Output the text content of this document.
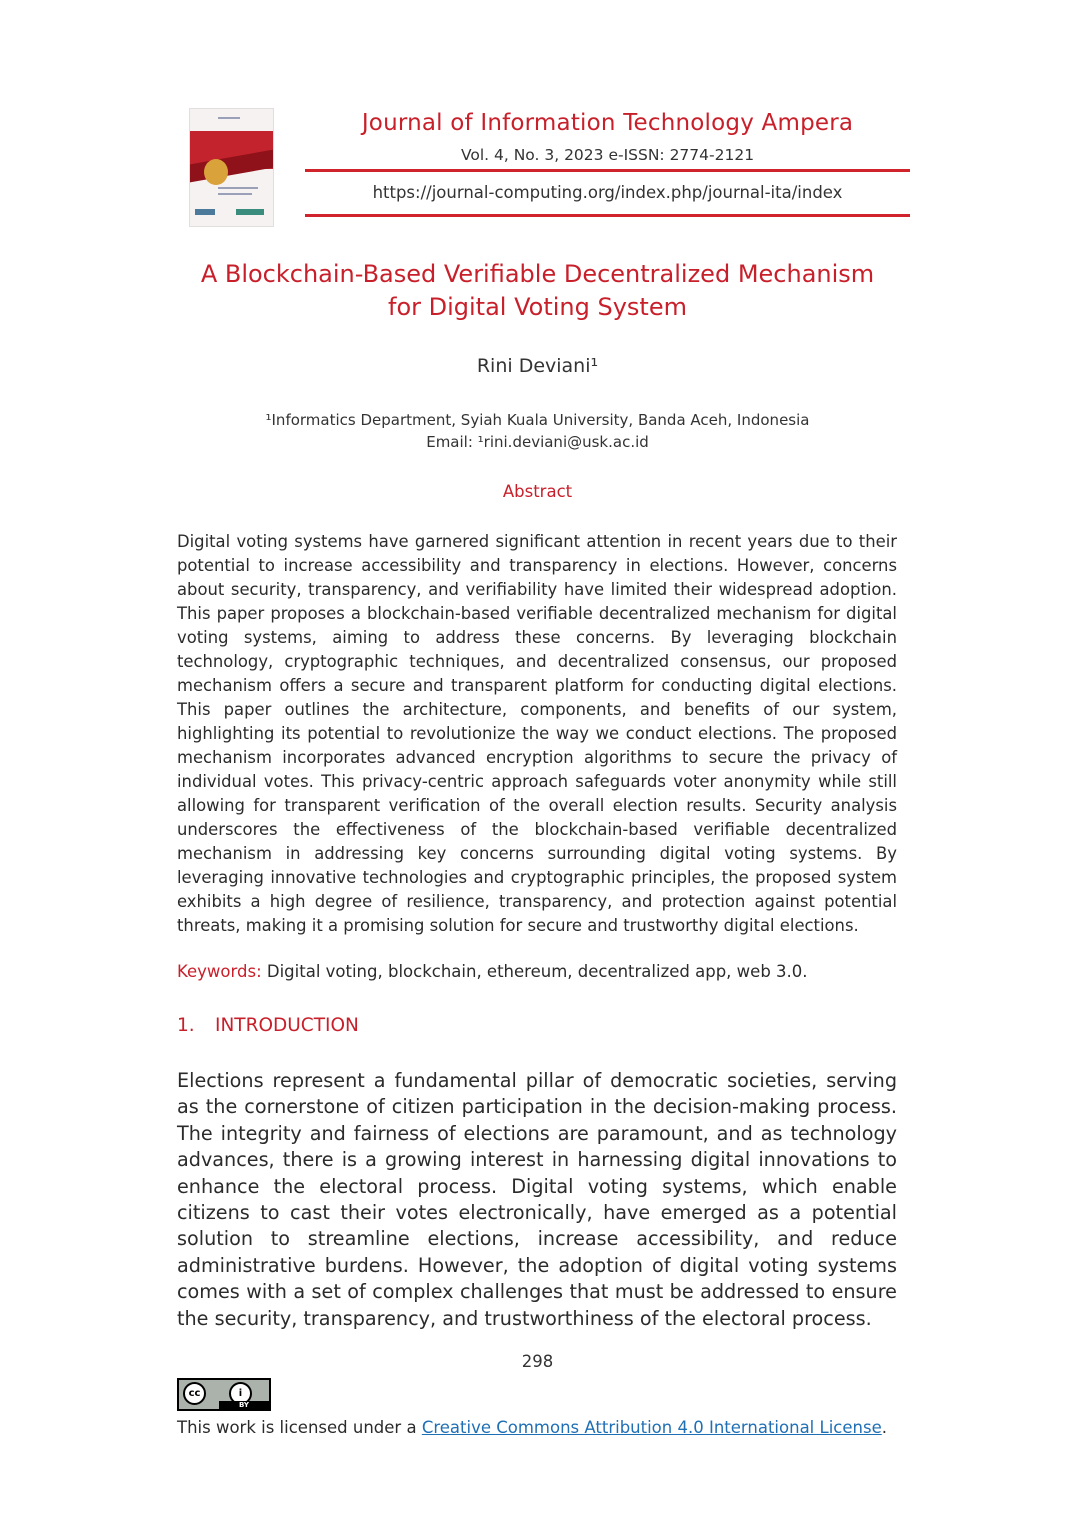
Journal of Information Technology Ampera
Vol. 4, No. 3, 2023 e-ISSN: 2774-2121
https://journal-computing.org/index.php/journal-ita/index
A Blockchain-Based Verifiable Decentralized Mechanism
for Digital Voting System
Rini Deviani¹
¹Informatics Department, Syiah Kuala University, Banda Aceh, Indonesia
Email: ¹rini.deviani@usk.ac.id
Abstract
Digital voting systems have garnered significant attention in recent years due to their potential to increase accessibility and transparency in elections. However, concerns about security, transparency, and verifiability have limited their widespread adoption. This paper proposes a blockchain-based verifiable decentralized mechanism for digital voting systems, aiming to address these concerns. By leveraging blockchain technology, cryptographic techniques, and decentralized consensus, our proposed mechanism offers a secure and transparent platform for conducting digital elections. This paper outlines the architecture, components, and benefits of our system, highlighting its potential to revolutionize the way we conduct elections. The proposed mechanism incorporates advanced encryption algorithms to secure the privacy of individual votes. This privacy-centric approach safeguards voter anonymity while still allowing for transparent verification of the overall election results. Security analysis underscores the effectiveness of the blockchain-based verifiable decentralized mechanism in addressing key concerns surrounding digital voting systems. By leveraging innovative technologies and cryptographic principles, the proposed system exhibits a high degree of resilience, transparency, and protection against potential threats, making it a promising solution for secure and trustworthy digital elections.
Keywords: Digital voting, blockchain, ethereum, decentralized app, web 3.0.
1. INTRODUCTION
Elections represent a fundamental pillar of democratic societies, serving as the cornerstone of citizen participation in the decision-making process. The integrity and fairness of elections are paramount, and as technology advances, there is a growing interest in harnessing digital innovations to enhance the electoral process. Digital voting systems, which enable citizens to cast their votes electronically, have emerged as a potential solution to streamline elections, increase accessibility, and reduce administrative burdens. However, the adoption of digital voting systems comes with a set of complex challenges that must be addressed to ensure the security, transparency, and trustworthiness of the electoral process.
298
cc	i
BY
This work is licensed under a Creative Commons Attribution 4.0 International License.
